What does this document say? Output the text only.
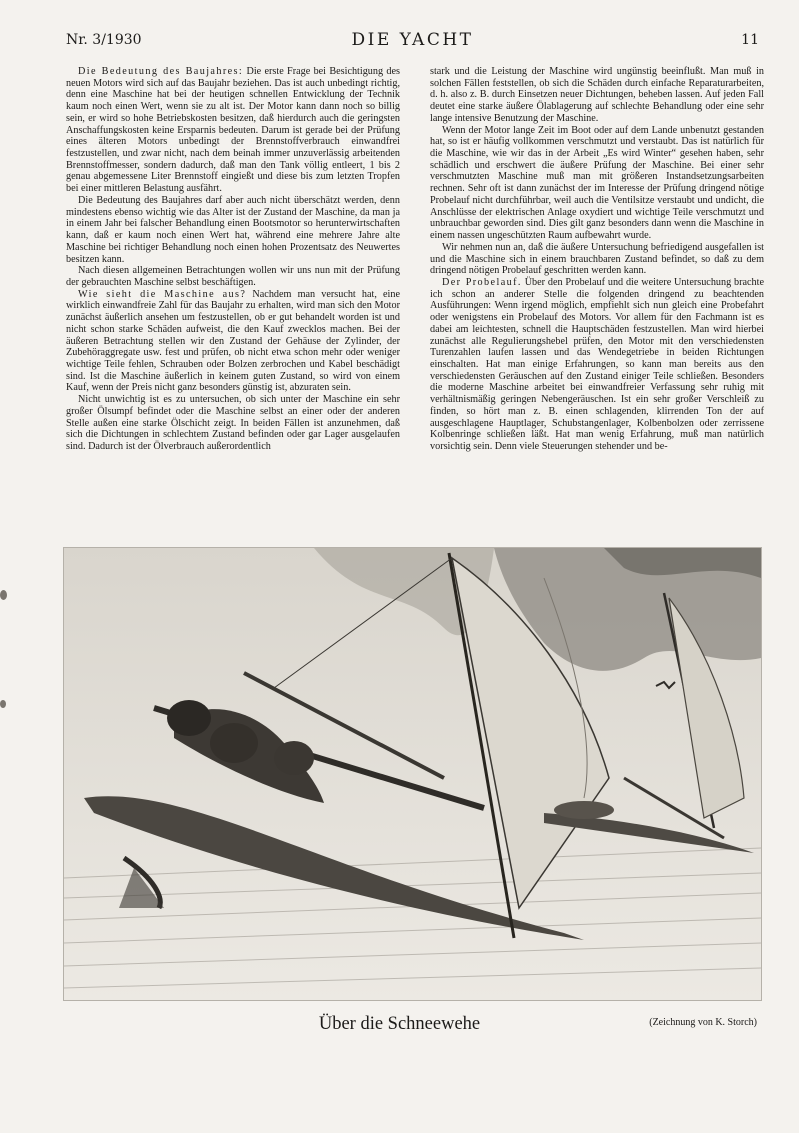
Nr. 3/1930	DIE YACHT	11

Die Bedeutung des Baujahres: Die erste Frage bei Besichtigung des neuen Motors wird sich auf das Baujahr beziehen. Das ist auch unbedingt richtig, denn eine Maschine hat bei der heutigen schnellen Entwicklung der Technik kaum noch einen Wert, wenn sie zu alt ist. Der Motor kann dann noch so billig sein, er wird so hohe Betriebskosten besitzen, daß hierdurch auch die geringsten Anschaffungskosten keine Ersparnis bedeuten. Darum ist gerade bei der Prüfung eines älteren Motors unbedingt der Brennstoffverbrauch einwandfrei festzustellen, und zwar nicht, nach dem beinah immer unzuverlässig arbeitenden Brennstoffmesser, sondern dadurch, daß man den Tank völlig entleert, 1 bis 2 genau abgemessene Liter Brennstoff eingießt und diese bis zum letzten Tropfen bei einer mittleren Belastung ausfährt.

Die Bedeutung des Baujahres darf aber auch nicht überschätzt werden, denn mindestens ebenso wichtig wie das Alter ist der Zustand der Maschine, da man ja in einem Jahr bei falscher Behandlung einen Bootsmotor so herunterwirtschaften kann, daß er kaum noch einen Wert hat, während eine mehrere Jahre alte Maschine bei richtiger Behandlung noch einen hohen Prozentsatz des Neuwertes besitzen kann.

Nach diesen allgemeinen Betrachtungen wollen wir uns nun mit der Prüfung der gebrauchten Maschine selbst beschäftigen.

Wie sieht die Maschine aus? Nachdem man versucht hat, eine wirklich einwandfreie Zahl für das Baujahr zu erhalten, wird man sich den Motor zunächst äußerlich ansehen um festzustellen, ob er gut behandelt worden ist und nicht schon starke Schäden aufweist, die den Kauf zwecklos machen. Bei der äußeren Betrachtung stellen wir den Zustand der Gehäuse der Zylinder, der Zubehöraggregate usw. fest und prüfen, ob nicht etwa schon mehr oder weniger wichtige Teile fehlen, Schrauben oder Bolzen zerbrochen und Kabel beschädigt sind. Ist die Maschine äußerlich in keinem guten Zustand, so wird von einem Kauf, wenn der Preis nicht ganz besonders günstig ist, abzuraten sein.

Nicht unwichtig ist es zu untersuchen, ob sich unter der Maschine ein sehr großer Ölsumpf befindet oder die Maschine selbst an einer oder der anderen Stelle außen eine starke Ölschicht zeigt. In beiden Fällen ist anzunehmen, daß sich die Dichtungen in schlechtem Zustand befinden oder gar Lager ausgelaufen sind. Dadurch ist der Ölverbrauch außerordentlich

stark und die Leistung der Maschine wird ungünstig beeinflußt. Man muß in solchen Fällen feststellen, ob sich die Schäden durch einfache Reparaturarbeiten, d. h. also z. B. durch Einsetzen neuer Dichtungen, beheben lassen. Auf jeden Fall deutet eine starke äußere Ölablagerung auf schlechte Behandlung oder eine sehr lange intensive Benutzung der Maschine.

Wenn der Motor lange Zeit im Boot oder auf dem Lande unbenutzt gestanden hat, so ist er häufig vollkommen verschmutzt und verstaubt. Das ist natürlich für die Maschine, wie wir das in der Arbeit „Es wird Winter“ gesehen haben, sehr schädlich und erschwert die äußere Prüfung der Maschine. Bei einer sehr verschmutzten Maschine muß man mit größeren Instandsetzungsarbeiten rechnen. Sehr oft ist dann zunächst der im Interesse der Prüfung dringend nötige Probelauf nicht durchführbar, weil auch die Ventilsitze verstaubt und undicht, die Anschlüsse der elektrischen Anlage oxydiert und wichtige Teile verschmutzt und unbrauchbar geworden sind. Dies gilt ganz besonders dann wenn die Maschine in einem nassen ungeschützten Raum aufbewahrt wurde.

Wir nehmen nun an, daß die äußere Untersuchung befriedigend ausgefallen ist und die Maschine sich in einem brauchbaren Zustand befindet, so daß zu dem dringend nötigen Probelauf geschritten werden kann.

Der Probelauf. Über den Probelauf und die weitere Untersuchung brachte ich schon an anderer Stelle die folgenden dringend zu beachtenden Ausführungen: Wenn irgend möglich, empfiehlt sich nun gleich eine Probefahrt oder wenigstens ein Probelauf des Motors. Vor allem für den Fachmann ist es dabei am leichtesten, schnell die Hauptschäden festzustellen. Man wird hierbei zunächst alle Regulierungshebel prüfen, den Motor mit den verschiedensten Turenzahlen laufen lassen und das Wendegetriebe in beiden Richtungen einschalten. Hat man einige Erfahrungen, so kann man bereits aus den verschiedensten Geräuschen auf den Zustand einiger Teile schließen. Besonders die moderne Maschine arbeitet bei einwandfreier Verfassung sehr ruhig mit verhältnismäßig geringen Nebengeräuschen. Ist ein sehr großer Verschleiß zu finden, so hört man z. B. einen schlagenden, klirrenden Ton der auf ausgeschlagene Hauptlager, Schubstangenlager, Kolbenbolzen oder zerrissene Kolbenringe schließen läßt. Hat man wenig Erfahrung, muß man natürlich vorsichtig sein. Denn viele Steuerungen stehender und be-

Über die Schneewehe	(Zeichnung von K. Storch)
